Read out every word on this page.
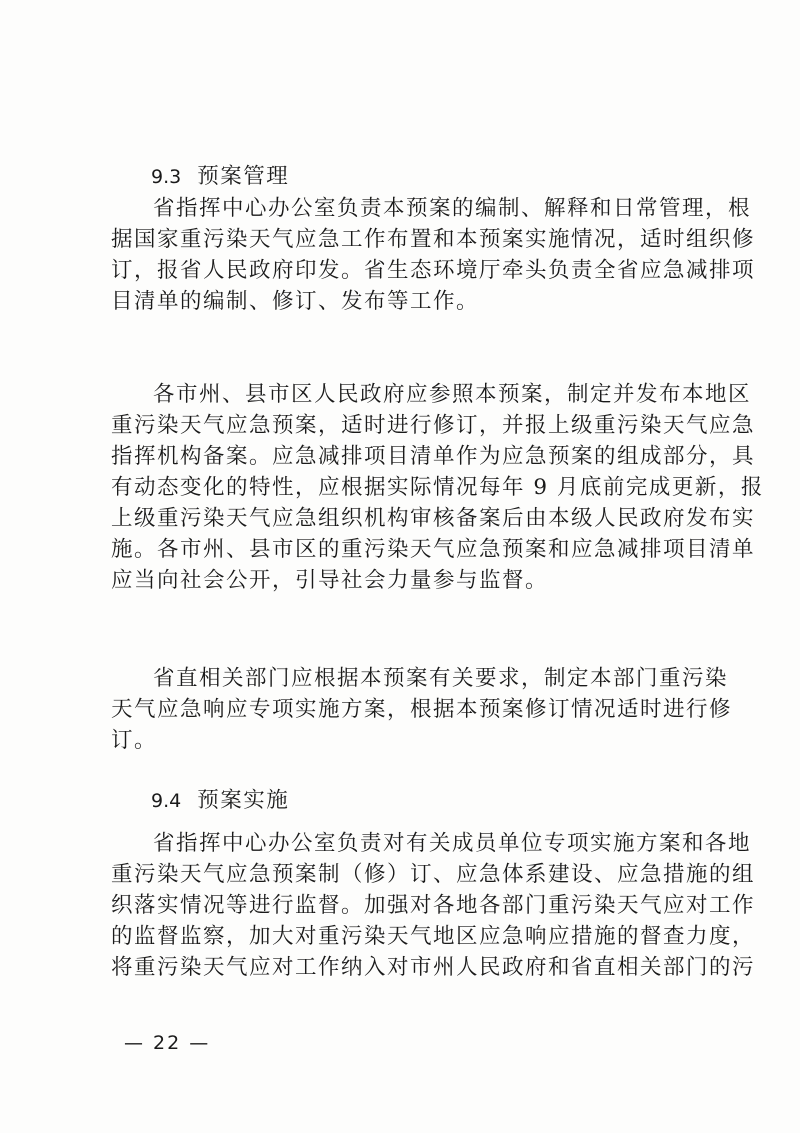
9.3 预案管理
省指挥中心办公室负责本预案的编制、解释和日常管理，根
据国家重污染天气应急工作布置和本预案实施情况，适时组织修
订，报省人民政府印发。省生态环境厅牵头负责全省应急减排项
目清单的编制、修订、发布等工作。
各市州、县市区人民政府应参照本预案，制定并发布本地区
重污染天气应急预案，适时进行修订，并报上级重污染天气应急
指挥机构备案。应急减排项目清单作为应急预案的组成部分，具
有动态变化的特性，应根据实际情况每年 9 月底前完成更新，报
上级重污染天气应急组织机构审核备案后由本级人民政府发布实
施。各市州、县市区的重污染天气应急预案和应急减排项目清单
应当向社会公开，引导社会力量参与监督。
省直相关部门应根据本预案有关要求，制定本部门重污染
天气应急响应专项实施方案，根据本预案修订情况适时进行修
订。
9.4 预案实施
省指挥中心办公室负责对有关成员单位专项实施方案和各地
重污染天气应急预案制（修）订、应急体系建设、应急措施的组
织落实情况等进行监督。加强对各地各部门重污染天气应对工作
的监督监察，加大对重污染天气地区应急响应措施的督查力度，
将重污染天气应对工作纳入对市州人民政府和省直相关部门的污
— 22 —
